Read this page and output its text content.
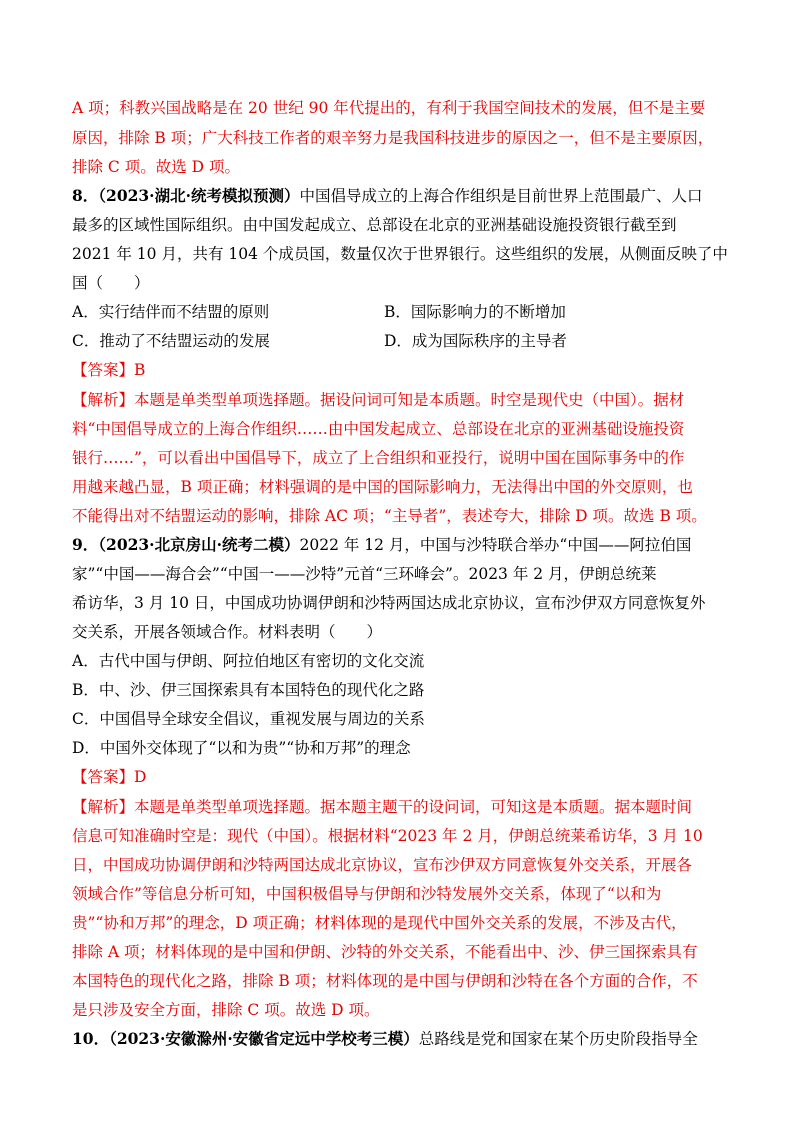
A 项；科教兴国战略是在 20 世纪 90 年代提出的，有利于我国空间技术的发展，但不是主要
原因，排除 B 项；广大科技工作者的艰辛努力是我国科技进步的原因之一，但不是主要原因，
排除 C 项。故选 D 项。
8．（2023·湖北·统考模拟预测）中国倡导成立的上海合作组织是目前世界上范围最广、人口
最多的区域性国际组织。由中国发起成立、总部设在北京的亚洲基础设施投资银行截至到
2021 年 10 月，共有 104 个成员国，数量仅次于世界银行。这些组织的发展，从侧面反映了中
国（　　）
A．实行结伴而不结盟的原则	B．国际影响力的不断增加
C．推动了不结盟运动的发展	D．成为国际秩序的主导者
【答案】B
【解析】本题是单类型单项选择题。据设问词可知是本质题。时空是现代史（中国）。据材
料“中国倡导成立的上海合作组织……由中国发起成立、总部设在北京的亚洲基础设施投资
银行……”，可以看出中国倡导下，成立了上合组织和亚投行，说明中国在国际事务中的作
用越来越凸显，B 项正确；材料强调的是中国的国际影响力，无法得出中国的外交原则，也
不能得出对不结盟运动的影响，排除 AC 项；“主导者”，表述夸大，排除 D 项。故选 B 项。
9．（2023·北京房山·统考二模）2022 年 12 月，中国与沙特联合举办“中国——阿拉伯国
家”“中国——海合会”“中国一——沙特”元首“三环峰会”。2023 年 2 月，伊朗总统莱
希访华，3 月 10 日，中国成功协调伊朗和沙特两国达成北京协议，宣布沙伊双方同意恢复外
交关系，开展各领域合作。材料表明（　　）
A．古代中国与伊朗、阿拉伯地区有密切的文化交流
B．中、沙、伊三国探索具有本国特色的现代化之路
C．中国倡导全球安全倡议，重视发展与周边的关系
D．中国外交体现了“以和为贵”“协和万邦”的理念
【答案】D
【解析】本题是单类型单项选择题。据本题主题干的设问词，可知这是本质题。据本题时间
信息可知准确时空是：现代（中国）。根据材料“2023 年 2 月，伊朗总统莱希访华，3 月 10
日，中国成功协调伊朗和沙特两国达成北京协议，宣布沙伊双方同意恢复外交关系，开展各
领域合作”等信息分析可知，中国积极倡导与伊朗和沙特发展外交关系，体现了“以和为
贵”“协和万邦”的理念，D 项正确；材料体现的是现代中国外交关系的发展，不涉及古代，
排除 A 项；材料体现的是中国和伊朗、沙特的外交关系，不能看出中、沙、伊三国探索具有
本国特色的现代化之路，排除 B 项；材料体现的是中国与伊朗和沙特在各个方面的合作，不
是只涉及安全方面，排除 C 项。故选 D 项。
10．（2023·安徽滁州·安徽省定远中学校考三模）总路线是党和国家在某个历史阶段指导全
